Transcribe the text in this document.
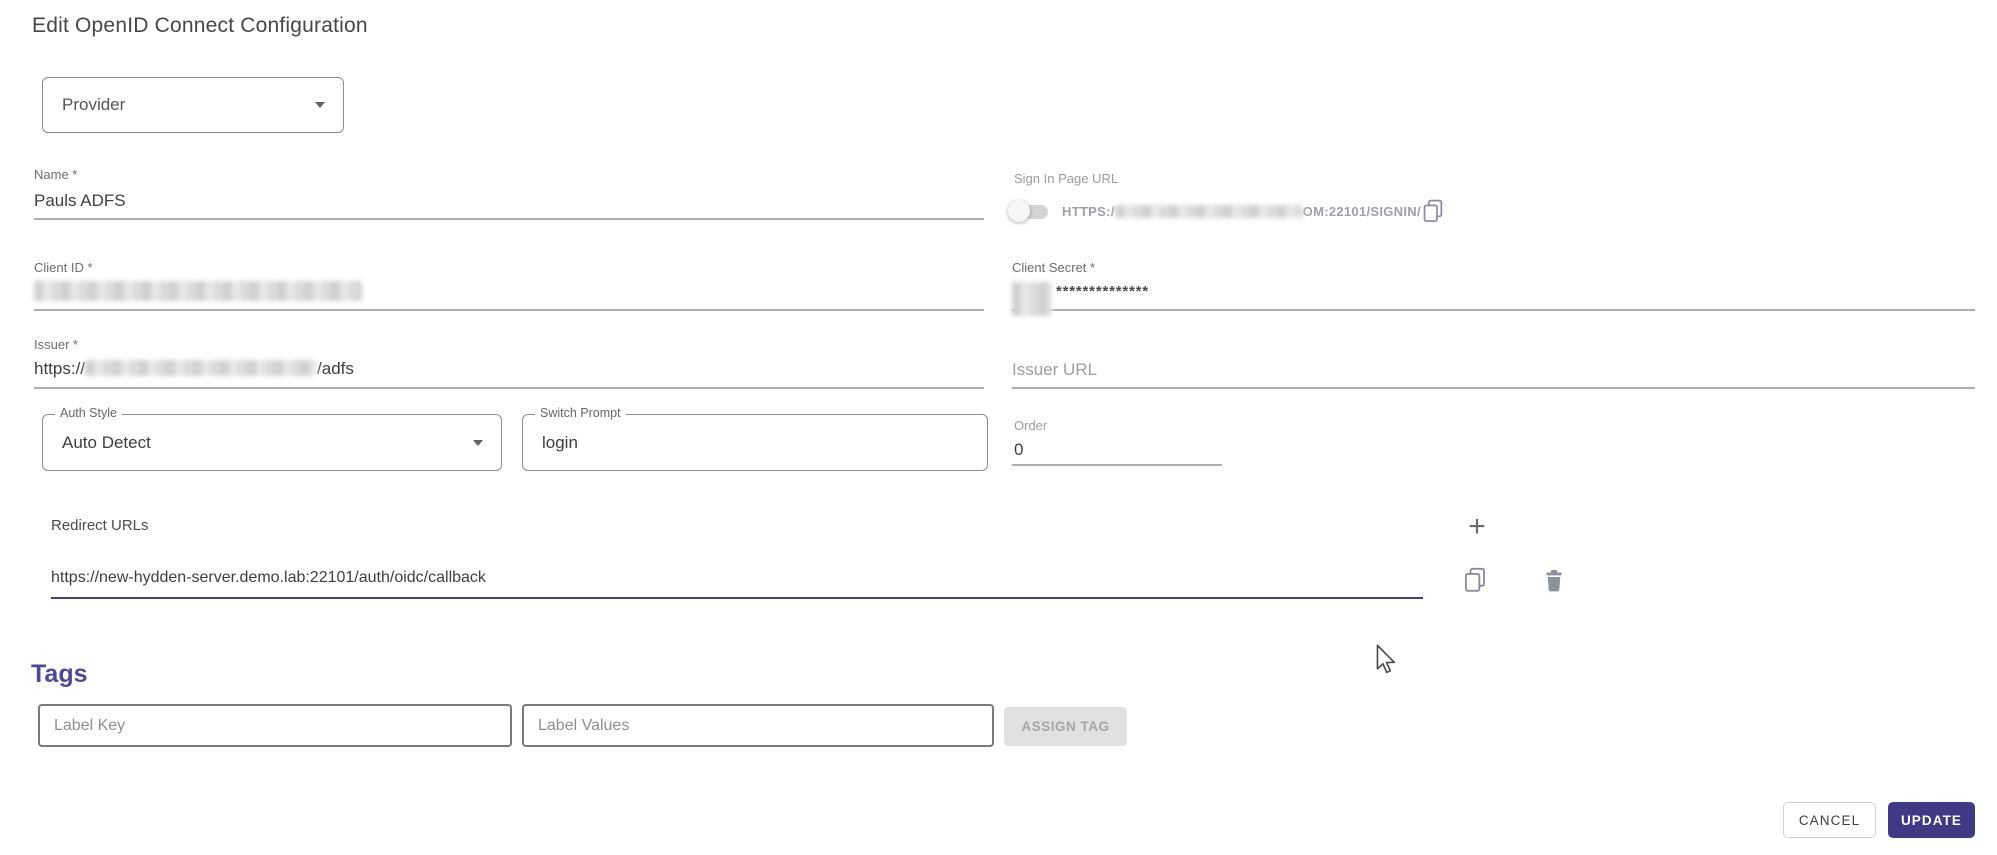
Edit OpenID Connect Configuration
Provider
Name *
Pauls ADFS
Sign In Page URL
HTTPS:/	OM:22101/SIGNIN/
Client ID *	Client Secret *
**************
Issuer *
https://	/adfs
Issuer URL
Auth Style
Auto Detect
Switch Prompt
login
Order
0
Redirect URLs	+
https://new-hydden-server.demo.lab:22101/auth/oidc/callback
Tags
Label Key
Label Values
ASSIGN TAG
CANCEL	UPDATE
